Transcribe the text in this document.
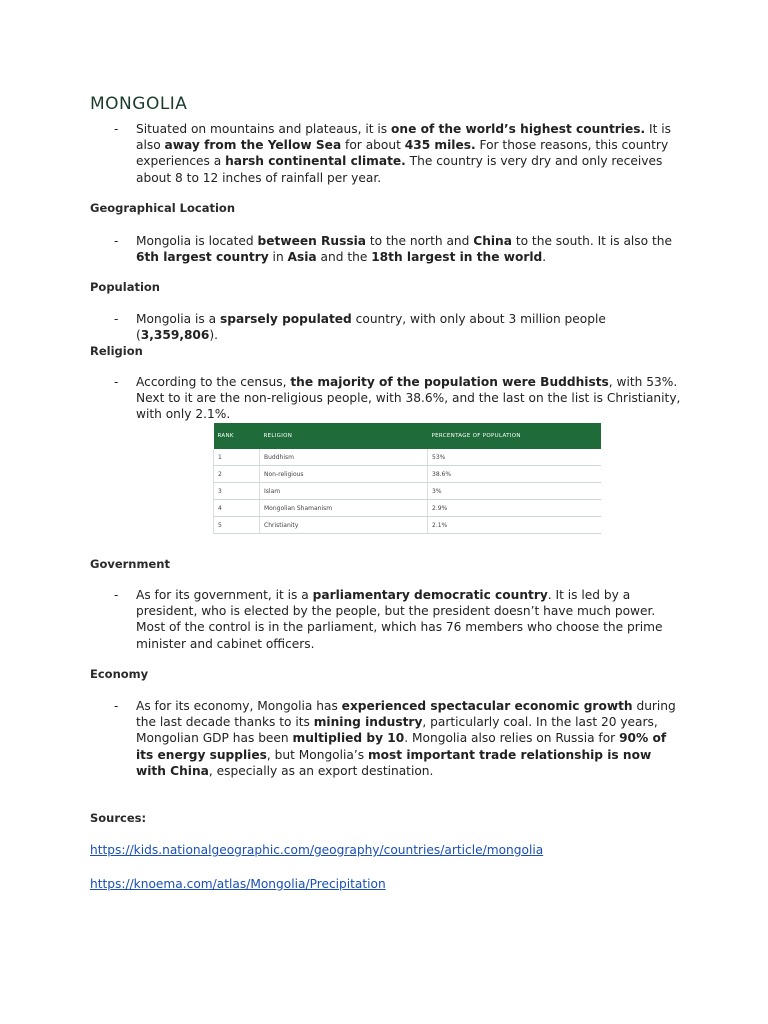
MONGOLIA
- Situated on mountains and plateaus, it is one of the world’s highest countries. It is also away from the Yellow Sea for about 435 miles. For those reasons, this country experiences a harsh continental climate. The country is very dry and only receives about 8 to 12 inches of rainfall per year.
Geographical Location
- Mongolia is located between Russia to the north and China to the south. It is also the 6th largest country in Asia and the 18th largest in the world.
Population
- Mongolia is a sparsely populated country, with only about 3 million people (3,359,806).
Religion
- According to the census, the majority of the population were Buddhists, with 53%. Next to it are the non-religious people, with 38.6%, and the last on the list is Christianity, with only 2.1%.
RANK	RELIGION	PERCENTAGE OF POPULATION
1	Buddhism	53%
2	Non-religious	38.6%
3	Islam	3%
4	Mongolian Shamanism	2.9%
5	Christianity	2.1%
Government
- As for its government, it is a parliamentary democratic country. It is led by a president, who is elected by the people, but the president doesn’t have much power. Most of the control is in the parliament, which has 76 members who choose the prime minister and cabinet officers.
Economy
- As for its economy, Mongolia has experienced spectacular economic growth during the last decade thanks to its mining industry, particularly coal. In the last 20 years, Mongolian GDP has been multiplied by 10. Mongolia also relies on Russia for 90% of its energy supplies, but Mongolia’s most important trade relationship is now with China, especially as an export destination.
Sources:
https://kids.nationalgeographic.com/geography/countries/article/mongolia
https://knoema.com/atlas/Mongolia/Precipitation
